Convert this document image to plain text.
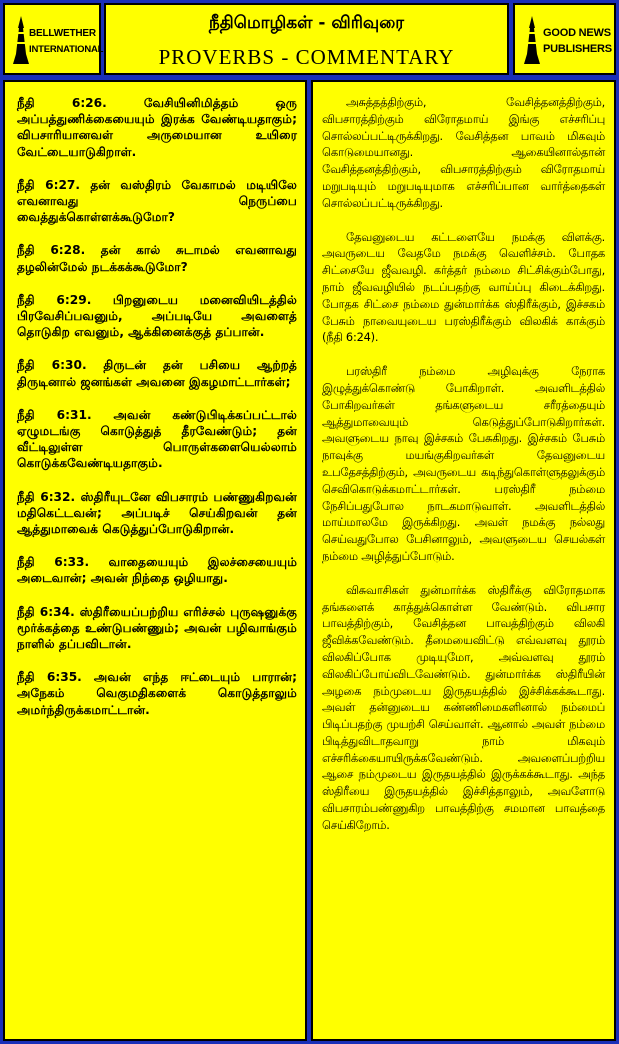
BELLWETHER
INTERNATIONAL
நீதிமொழிகள் - விரிவுரை
PROVERBS - COMMENTARY
GOOD NEWS
PUBLISHERS

நீதி 6:26. வேசியினிமித்தம் ஒரு அப்பத்துணிக்கையையும் இரக்க வேண்டியதாகும்; விபசாரியானவள் அருமையான உயிரை வேட்டையாடுகிறாள்.

நீதி 6:27. தன் வஸ்திரம் வேகாமல் மடியிலே எவனாவது நெருப்பை வைத்துக்கொள்ளக்கூடுமோ?

நீதி 6:28. தன் கால் சுடாமல் எவனாவது தழலின்மேல் நடக்கக்கூடுமோ?

நீதி 6:29. பிறனுடைய மனைவியிடத்தில் பிரவேசிப்பவனும், அப்படியே அவளைத் தொடுகிற எவனும், ஆக்கினைக்குத் தப்பான்.

நீதி 6:30. திருடன் தன் பசியை ஆற்றத் திருடினால் ஜனங்கள் அவனை இகழமாட்டார்கள்;

நீதி 6:31. அவன் கண்டுபிடிக்கப்பட்டால் ஏழுமடங்கு கொடுத்துத் தீரவேண்டும்; தன் வீட்டிலுள்ள பொருள்களையெல்லாம் கொடுக்கவேண்டியதாகும்.

நீதி 6:32. ஸ்திரீயுடனே விபசாரம் பண்ணுகிறவன் மதிகெட்டவன்; அப்படிச் செய்கிறவன் தன் ஆத்துமாவைக் கெடுத்துப்போடுகிறான்.

நீதி 6:33. வாதையையும் இலச்சையையும் அடைவான்; அவன் நிந்தை ஒழியாது.

நீதி 6:34. ஸ்திரீயைப்பற்றிய எரிச்சல் புருஷனுக்கு மூர்க்கத்தை உண்டுபண்ணும்; அவன் பழிவாங்கும் நாளில் தப்பவிடான்.

நீதி 6:35. அவன் எந்த ஈட்டையும் பாரான்; அநேகம் வெகுமதிகளைக் கொடுத்தாலும் அமர்ந்திருக்கமாட்டான்.

அசுத்தத்திற்கும், வேசித்தனத்திற்கும், விபசாரத்திற்கும் விரோதமாய் இங்கு எச்சரிப்பு சொல்லப்பட்டிருக்கிறது. வேசித்தன பாவம் மிகவும் கொடுமையானது. ஆகையினால்தான் வேசித்தனத்திற்கும், விபசாரத்திற்கும் விரோதமாய் மறுபடியும் மறுபடியுமாக எச்சரிப்பான வார்த்தைகள் சொல்லப்பட்டிருக்கிறது.

தேவனுடைய கட்டளையே நமக்கு விளக்கு. அவருடைய வேதமே நமக்கு வெளிச்சம். போதக சிட்சையே ஜீவவழி. கர்த்தர் நம்மை சிட்சிக்கும்போது, நாம் ஜீவவழியில் நடப்பதற்கு வாய்ப்பு கிடைக்கிறது. போதக சிட்சை நம்மை துன்மார்க்க ஸ்திரீக்கும், இச்சகம் பேசும் நாவையுடைய பரஸ்திரீக்கும் விலகிக் காக்கும் (நீதி 6:24).

பரஸ்திரீ நம்மை அழிவுக்கு நேராக இழுத்துக்கொண்டு போகிறாள். அவளிடத்தில் போகிறவர்கள் தங்களுடைய சரீரத்தையும் ஆத்துமாவையும் கெடுத்துப்போடுகிறார்கள். அவளுடைய நாவு இச்சகம் பேசுகிறது. இச்சகம் பேசும் நாவுக்கு மயங்குகிறவர்கள் தேவனுடைய உபதேசத்திற்கும், அவருடைய கடிந்துகொள்ளுதலுக்கும் செவிகொடுக்கமாட்டார்கள். பரஸ்திரீ நம்மை நேசிப்பதுபோல நாடகமாடுவாள். அவளிடத்தில் மாய்மாலமே இருக்கிறது. அவள் நமக்கு நல்லது செய்வதுபோல பேசினாலும், அவளுடைய செயல்கள் நம்மை அழித்துப்போடும்.

விசுவாசிகள் துன்மார்க்க ஸ்திரீக்கு விரோதமாக தங்களைக் காத்துக்கொள்ள வேண்டும். விபசார பாவத்திற்கும், வேசித்தன பாவத்திற்கும் விலகி ஜீவிக்கவேண்டும். தீமையைவிட்டு எவ்வளவு தூரம் விலகிப்போக முடியுமோ, அவ்வளவு தூரம் விலகிப்போய்விடவேண்டும். துன்மார்க்க ஸ்திரீயின் அழகை நம்முடைய இருதயத்தில் இச்சிக்கக்கூடாது. அவள் தன்னுடைய கண்ணிமைகளினால் நம்மைப் பிடிப்பதற்கு முயற்சி செய்வாள். ஆனால் அவள் நம்மை பிடித்துவிடாதவாறு நாம் மிகவும் எச்சரிக்கையாயிருக்கவேண்டும். அவளைப்பற்றிய ஆசை நம்முடைய இருதயத்தில் இருக்கக்கூடாது. அந்த ஸ்திரீயை இருதயத்தில் இச்சித்தாலும், அவளோடு விபசாரம்பண்ணுகிற பாவத்திற்கு சமமான பாவத்தை செய்கிறோம்.
